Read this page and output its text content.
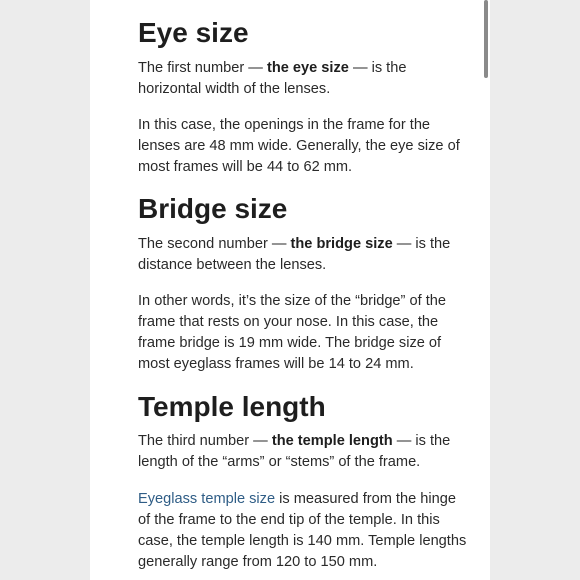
Eye size

The first number — the eye size — is the horizontal width of the lenses.

In this case, the openings in the frame for the lenses are 48 mm wide. Generally, the eye size of most frames will be 44 to 62 mm.

Bridge size

The second number — the bridge size — is the distance between the lenses.

In other words, it’s the size of the “bridge” of the frame that rests on your nose. In this case, the frame bridge is 19 mm wide. The bridge size of most eyeglass frames will be 14 to 24 mm.

Temple length

The third number — the temple length — is the length of the “arms” or “stems” of the frame.

Eyeglass temple size is measured from the hinge of the frame to the end tip of the temple. In this case, the temple length is 140 mm. Temple lengths generally range from 120 to 150 mm.
